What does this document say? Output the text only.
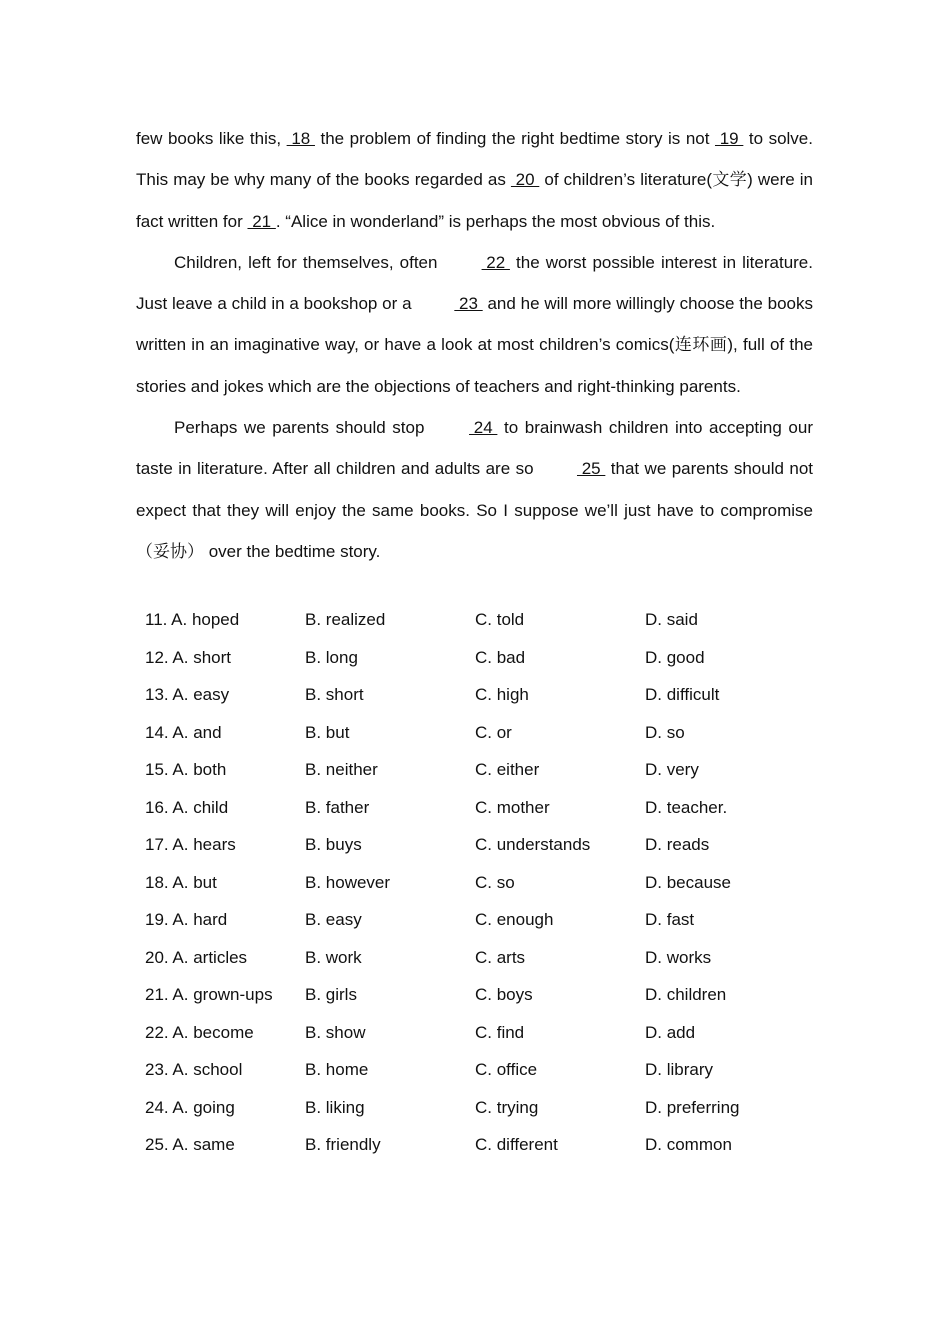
few books like this,  18  the problem of finding the right bedtime story is not  19  to solve. This may be why many of the books regarded as  20  of children’s literature(文学) were in fact written for  21 . “Alice in wonderland” is perhaps the most obvious of this.

Children, left for themselves, often  22  the worst possible interest in literature. Just leave a child in a bookshop or a  23  and he will more willingly choose the books written in an imaginative way, or have a look at most children’s comics(连环画), full of the stories and jokes which are the objections of teachers and right-thinking parents.

Perhaps we parents should stop  24  to brainwash children into accepting our taste in literature. After all children and adults are so  25  that we parents should not expect that they will enjoy the same books. So I suppose we’ll just have to compromise（妥协） over the bedtime story.

11. A. hoped	B. realized	C. told	D. said
12. A. short	B. long	C. bad	D. good
13. A. easy	B. short	C. high	D. difficult
14. A. and	B. but	C. or	D. so
15. A. both	B. neither	C. either	D. very
16. A. child	B. father	C. mother	D. teacher.
17. A. hears	B. buys	C. understands	D. reads
18. A. but	B. however	C. so	D. because
19. A. hard	B. easy	C. enough	D. fast
20. A. articles	B. work	C. arts	D. works
21. A. grown-ups B. girls	C. boys	D. children
22. A. become	B. show	C. find	D. add
23. A. school	B. home	C. office	D. library
24. A. going	B. liking	C. trying	D. preferring
25. A. same	B. friendly	C. different	D. common
